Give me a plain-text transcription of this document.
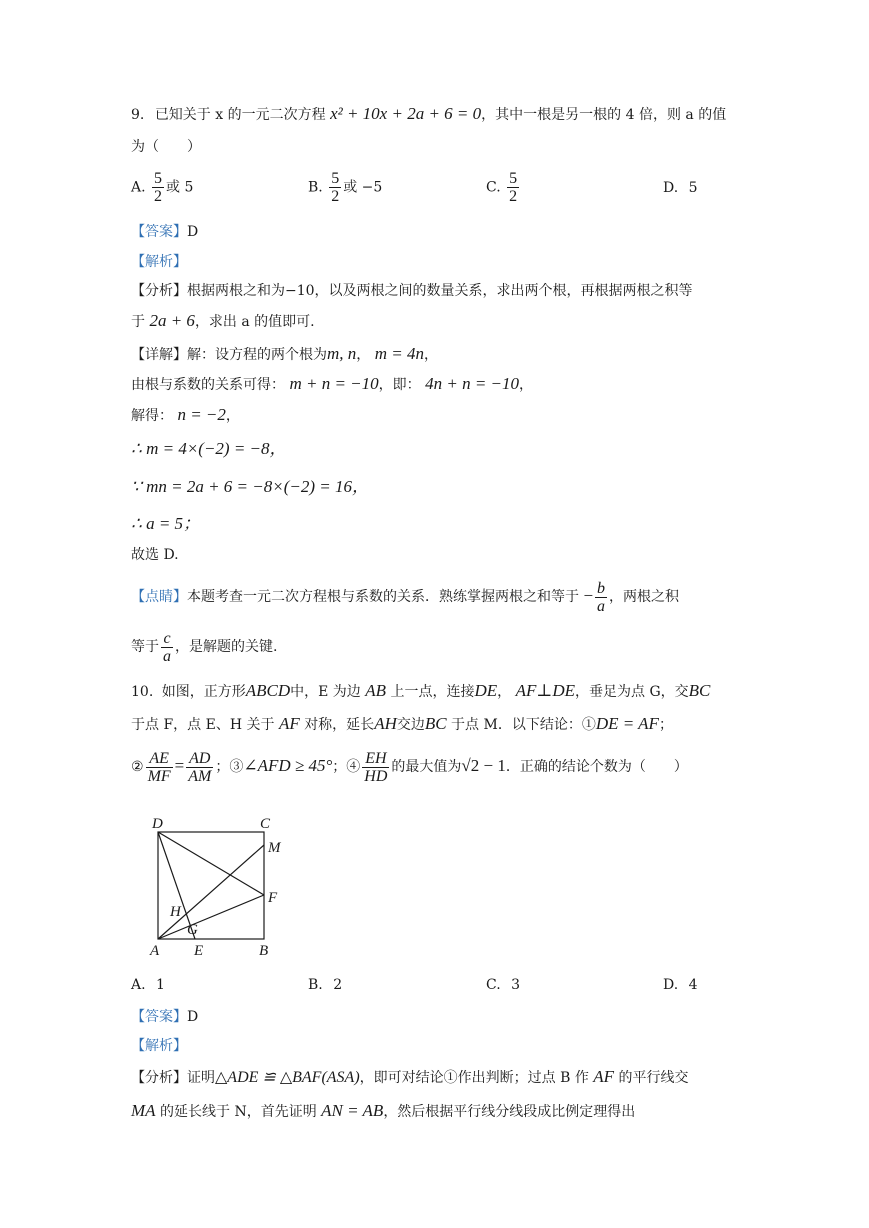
9. 已知关于 x 的一元二次方程 x² + 10x + 2a + 6 = 0，其中一根是另一根的 4 倍，则 a 的值
为（　　）
A. $\frac{5}{2}$ 或 5	B. $\frac{5}{2}$ 或 −5	C. $\frac{5}{2}$	D. 5
【答案】D
【解析】
【分析】根据两根之和为−10，以及两根之间的数量关系，求出两个根，再根据两根之积等
于 2a + 6，求出 a 的值即可.
【详解】解：设方程的两个根为m, n， m = 4n，
由根与系数的关系可得： m + n = −10，即： 4n + n = −10，
解得： n = −2，
∴ m = 4×(−2) = −8，
∵ mn = 2a + 6 = −8×(−2) = 16，
∴ a = 5；
故选 D.
【点睛】本题考查一元二次方程根与系数的关系．熟练掌握两根之和等于 − $\frac{b}{a}$ ，两根之积
等于 $\frac{c}{a}$ ，是解题的关键.
10. 如图，正方形ABCD中，E 为边 AB 上一点，连接DE， AF⊥DE，垂足为点 G，交BC
于点 F，点 E、H 关于 AF 对称，延长AH交边BC 于点 M．以下结论：①DE = AF；
② $\frac{AE}{MF} = \frac{AD}{AM}$ ；③∠AFD ≥ 45°；④ $\frac{EH}{HD}$ 的最大值为√2 − 1．正确的结论个数为（　　）
D	C
M
F
H
G
A E	B
A. 1	B. 2	C. 3	D. 4
【答案】D
【解析】
【分析】证明△ADE ≌ △BAF(ASA)，即可对结论①作出判断；过点 B 作 AF 的平行线交
MA 的延长线于 N，首先证明 AN = AB，然后根据平行线分线段成比例定理得出
